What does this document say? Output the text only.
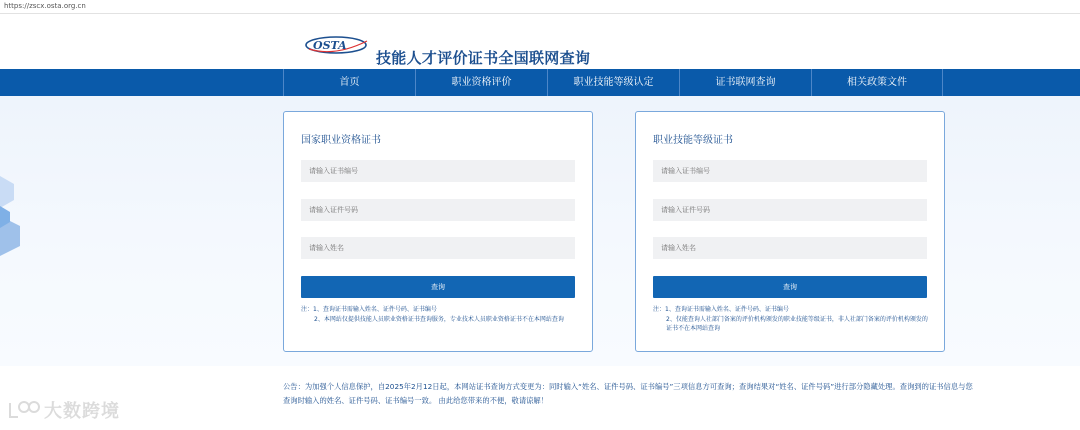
https://zscx.osta.org.cn
OSTA
技能人才评价证书全国联网查询
首页	职业资格评价	职业技能等级认定	证书联网查询	相关政策文件
国家职业资格证书
请输入证书编号
请输入证件号码
请输入姓名
查询
注：1、查询证书需输入姓名、证件号码、证书编号
2、本网站仅提供技能人员职业资格证书查询服务，专业技术人员职业资格证书不在本网站查询
职业技能等级证书
请输入证书编号
请输入证件号码
请输入姓名
查询
注：1、查询证书需输入姓名、证件号码、证书编号
2、仅能查询人社部门备案的评价机构颁发的职业技能等级证书，非人社部门备案的评价机构颁发的证书不在本网站查询
公告：为加强个人信息保护，自2025年2月12日起，本网站证书查询方式变更为：同时输入“姓名、证件号码、证书编号”三项信息方可查询；查询结果对“姓名、证件号码”进行部分隐藏处理。查询到的证书信息与您查询时输入的姓名、证件号码、证书编号一致。 由此给您带来的不便，敬请谅解！
大数跨境
